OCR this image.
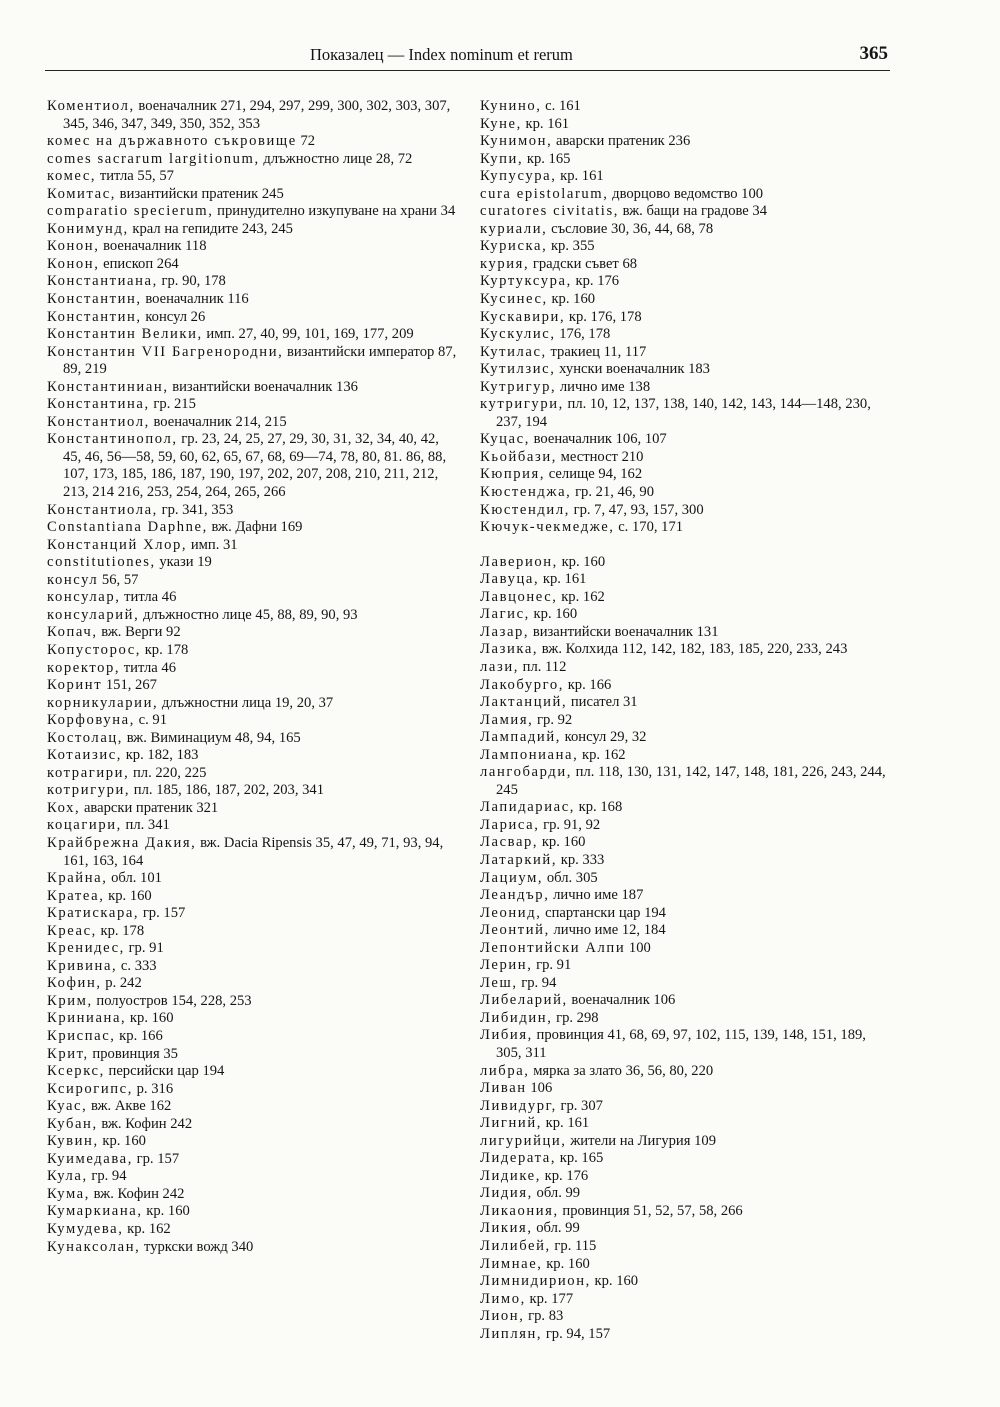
Показалец — Index nominum et rerum	365
Коментиол, военачалник 271, 294, 297, 299, 300, 302, 303, 307, 345, 346, 347, 349, 350, 352, 353
комес на държавното съкровище 72
comes sacrarum largitionum, длъжностно лице 28, 72
комес, титла 55, 57
Комитас, византийски пратеник 245
comparatio specierum, принудително изкупуване на храни 34
Конимунд, крал на гепидите 243, 245
Конон, военачалник 118
Конон, епископ 264
Константиана, гр. 90, 178
Константин, военачалник 116
Константин, консул 26
Константин Велики, имп. 27, 40, 99, 101, 169, 177, 209
Константин VII Багренородни, византийски император 87, 89, 219
Константиниан, византийски военачалник 136
Константина, гр. 215
Константиол, военачалник 214, 215
Константинопол, гр. 23, 24, 25, 27, 29, 30, 31, 32, 34, 40, 42, 45, 46, 56—58, 59, 60, 62, 65, 67, 68, 69—74, 78, 80, 81. 86, 88, 107, 173, 185, 186, 187, 190, 197, 202, 207, 208, 210, 211, 212, 213, 214 216, 253, 254, 264, 265, 266
Константиола, гр. 341, 353
Constantiana Daphne, вж. Дафни 169
Констанций Хлор, имп. 31
constitutiones, укази 19
консул 56, 57
консулар, титла 46
консуларий, длъжностно лице 45, 88, 89, 90, 93
Копач, вж. Верги 92
Копусторос, кр. 178
коректор, титла 46
Коринт 151, 267
корникуларии, длъжностни лица 19, 20, 37
Корфовуна, с. 91
Костолац, вж. Виминациум 48, 94, 165
Котаизис, кр. 182, 183
котрагири, пл. 220, 225
котригури, пл. 185, 186, 187, 202, 203, 341
Кох, аварски пратеник 321
коцагири, пл. 341
Крайбрежна Дакия, вж. Dacia Ripensis 35, 47, 49, 71, 93, 94, 161, 163, 164
Крайна, обл. 101
Кратеа, кр. 160
Кратискара, гр. 157
Креас, кр. 178
Кренидес, гр. 91
Кривина, с. 333
Кофин, р. 242
Крим, полуостров 154, 228, 253
Криниана, кр. 160
Криспас, кр. 166
Крит, провинция 35
Ксеркс, персийски цар 194
Ксирогипс, р. 316
Куас, вж. Акве 162
Кубан, вж. Кофин 242
Кувин, кр. 160
Куимедава, гр. 157
Кула, гр. 94
Кума, вж. Кофин 242
Кумаркиана, кр. 160
Кумудева, кр. 162
Кунаксолан, туркски вожд 340
Кунино, с. 161
Куне, кр. 161
Кунимон, аварски пратеник 236
Купи, кр. 165
Купусура, кр. 161
cura epistolarum, дворцово ведомство 100
curatores civitatis, вж. бащи на градове 34
куриали, съсловие 30, 36, 44, 68, 78
Куриска, кр. 355
курия, градски съвет 68
Куртуксура, кр. 176
Кусинес, кр. 160
Кускавири, кр. 176, 178
Кускулис, 176, 178
Кутилас, тракиец 11, 117
Кутилзис, хунски военачалник 183
Кутригур, лично име 138
кутригури, пл. 10, 12, 137, 138, 140, 142, 143, 144—148, 230, 237, 194
Куцас, военачалник 106, 107
Кьойбази, местност 210
Кюприя, селище 94, 162
Кюстенджа, гр. 21, 46, 90
Кюстендил, гр. 7, 47, 93, 157, 300
Кючук-чекмедже, с. 170, 171
Лаверион, кр. 160
Лавуца, кр. 161
Лавцонес, кр. 162
Лагис, кр. 160
Лазар, византийски военачалник 131
Лазика, вж. Колхида 112, 142, 182, 183, 185, 220, 233, 243
лази, пл. 112
Лакобурго, кр. 166
Лактанций, писател 31
Ламия, гр. 92
Лампадий, консул 29, 32
Лампониана, кр. 162
лангобарди, пл. 118, 130, 131, 142, 147, 148, 181, 226, 243, 244, 245
Лапидариас, кр. 168
Лариса, гр. 91, 92
Ласвар, кр. 160
Латаркий, кр. 333
Лациум, обл. 305
Леандър, лично име 187
Леонид, спартански цар 194
Леонтий, лично име 12, 184
Лепонтийски Алпи 100
Лерин, гр. 91
Леш, гр. 94
Либеларий, военачалник 106
Либидин, гр. 298
Либия, провинция 41, 68, 69, 97, 102, 115, 139, 148, 151, 189, 305, 311
либра, мярка за злато 36, 56, 80, 220
Ливан 106
Ливидург, гр. 307
Лигний, кр. 161
лигурийци, жители на Лигурия 109
Лидерата, кр. 165
Лидике, кр. 176
Лидия, обл. 99
Ликаония, провинция 51, 52, 57, 58, 266
Ликия, обл. 99
Лилибей, гр. 115
Лимнае, кр. 160
Лимнидирион, кр. 160
Лимо, кр. 177
Лион, гр. 83
Липлян, гр. 94, 157
